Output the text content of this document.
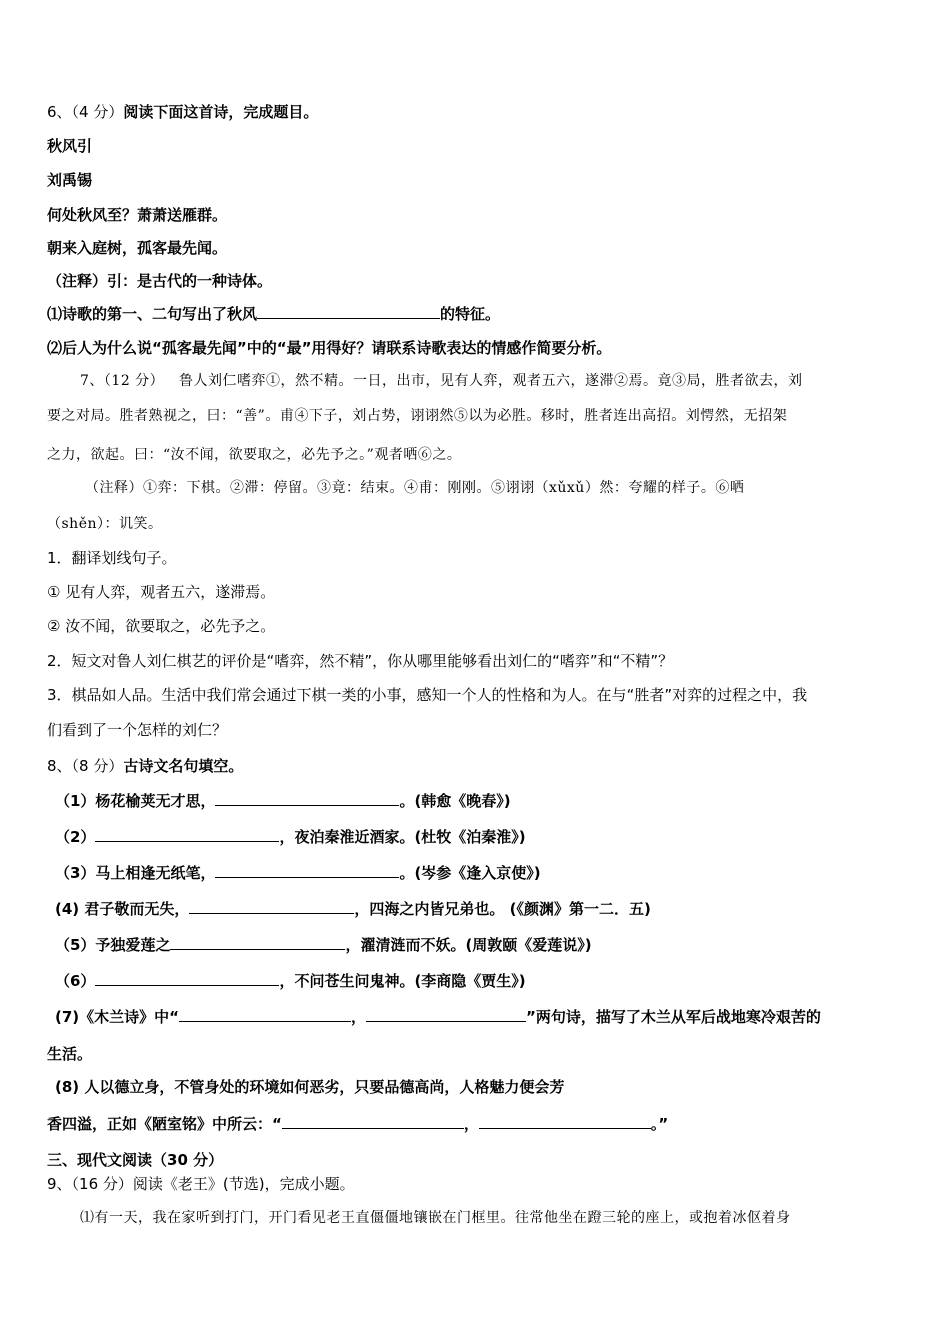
6、（4 分）阅读下面这首诗，完成题目。
秋风引
刘禹锡
何处秋风至？萧萧送雁群。
朝来入庭树，孤客最先闻。
（注释）引：是古代的一种诗体。
⑴诗歌的第一、二句写出了秋风	的特征。
⑵后人为什么说“孤客最先闻”中的“最”用得好？请联系诗歌表达的情感作简要分析。
7、（12 分） 鲁人刘仁嗜弈①，然不精。一日，出市，见有人弈，观者五六，遂滞②焉。竟③局，胜者欲去，刘
要之对局。胜者熟视之，曰：“善”。甫④下子，刘占势，诩诩然⑤以为必胜。移时，胜者连出高招。刘愕然，无招架
之力，欲起。曰：“汝不闻，欲要取之，必先予之。”观者哂⑥之。
（注释）①弈：下棋。②滞：停留。③竟：结束。④甫：刚刚。⑤诩诩（xǔxǔ）然：夸耀的样子。⑥哂
（shěn）：讥笑。
1．翻译划线句子。
① 见有人弈，观者五六，遂滞焉。
② 汝不闻，欲要取之，必先予之。
2．短文对鲁人刘仁棋艺的评价是“嗜弈，然不精”，你从哪里能够看出刘仁的“嗜弈”和“不精”？
3．棋品如人品。生活中我们常会通过下棋一类的小事，感知一个人的性格和为人。在与“胜者”对弈的过程之中，我
们看到了一个怎样的刘仁？
8、（8 分）古诗文名句填空。
（1）杨花榆荚无才思，	。(韩愈《晚春》)
（2）	，夜泊秦淮近酒家。(杜牧《泊秦淮》)
（3）马上相逢无纸笔，	。(岑参《逢入京使》)
(4) 君子敬而无失，	，四海之内皆兄弟也。 (《颜渊》第一二．五)
（5）予独爱莲之	，濯清涟而不妖。(周敦颐《爱莲说》)
（6）	，不问苍生问鬼神。(李商隐《贾生》)
(7)《木兰诗》中“	，	”两句诗，描写了木兰从军后战地寒冷艰苦的
生活。
(8) 人以德立身，不管身处的环境如何恶劣，只要品德高尚，人格魅力便会芳
香四溢，正如《陋室铭》中所云：“	，	。”
三、现代文阅读（30 分）
9、（16 分）阅读《老王》(节选)，完成小题。
⑴有一天，我在家听到打门，开门看见老王直僵僵地镶嵌在门框里。往常他坐在蹬三轮的座上，或抱着冰伛着身
